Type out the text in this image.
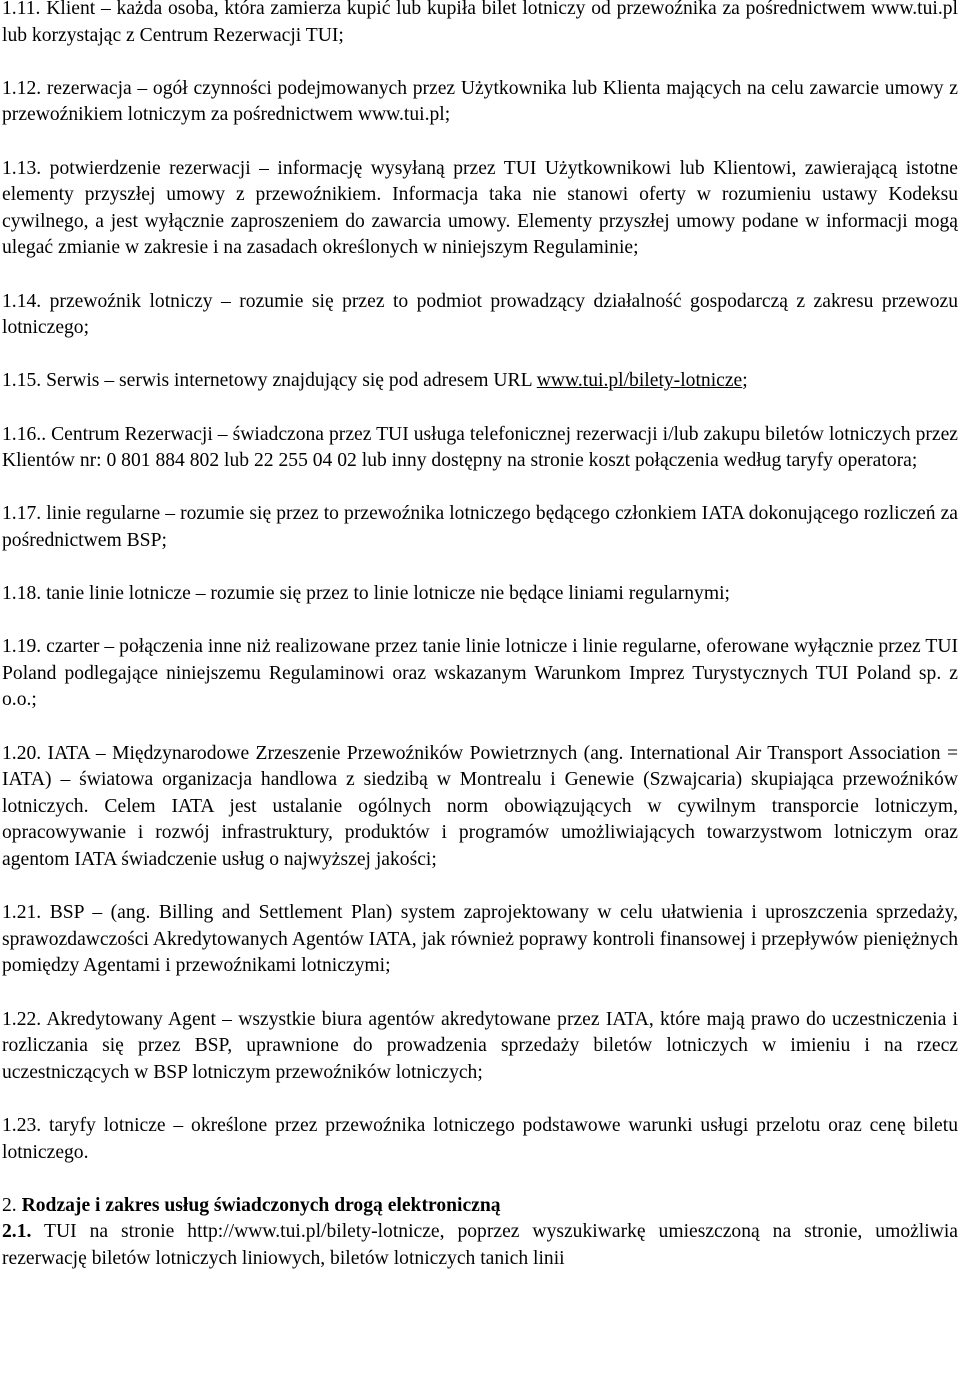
1.11. Klient – każda osoba, która zamierza kupić lub kupiła bilet lotniczy od przewoźnika za pośrednictwem www.tui.pl lub korzystając z Centrum Rezerwacji TUI;

1.12. rezerwacja – ogół czynności podejmowanych przez Użytkownika lub Klienta mających na celu zawarcie umowy z przewoźnikiem lotniczym za pośrednictwem www.tui.pl;

1.13. potwierdzenie rezerwacji – informację wysyłaną przez TUI Użytkownikowi lub Klientowi, zawierającą istotne elementy przyszłej umowy z przewoźnikiem. Informacja taka nie stanowi oferty w rozumieniu ustawy Kodeksu cywilnego, a jest wyłącznie zaproszeniem do zawarcia umowy. Elementy przyszłej umowy podane w informacji mogą ulegać zmianie w zakresie i na zasadach określonych w niniejszym Regulaminie;

1.14. przewoźnik lotniczy – rozumie się przez to podmiot prowadzący działalność gospodarczą z zakresu przewozu lotniczego;

1.15. Serwis – serwis internetowy znajdujący się pod adresem URL www.tui.pl/bilety-lotnicze;

1.16.. Centrum Rezerwacji – świadczona przez TUI usługa telefonicznej rezerwacji i/lub zakupu biletów lotniczych przez Klientów nr: 0 801 884 802 lub 22 255 04 02 lub inny dostępny na stronie koszt połączenia według taryfy operatora;

1.17. linie regularne – rozumie się przez to przewoźnika lotniczego będącego członkiem IATA dokonującego rozliczeń za pośrednictwem BSP;

1.18. tanie linie lotnicze – rozumie się przez to linie lotnicze nie będące liniami regularnymi;

1.19. czarter – połączenia inne niż realizowane przez tanie linie lotnicze i linie regularne, oferowane wyłącznie przez TUI Poland podlegające niniejszemu Regulaminowi oraz wskazanym Warunkom Imprez Turystycznych TUI Poland sp. z o.o.;

1.20. IATA – Międzynarodowe Zrzeszenie Przewoźników Powietrznych (ang. International Air Transport Association = IATA) – światowa organizacja handlowa z siedzibą w Montrealu i Genewie (Szwajcaria) skupiająca przewoźników lotniczych. Celem IATA jest ustalanie ogólnych norm obowiązujących w cywilnym transporcie lotniczym, opracowywanie i rozwój infrastruktury, produktów i programów umożliwiających towarzystwom lotniczym oraz agentom IATA świadczenie usług o najwyższej jakości;

1.21. BSP – (ang. Billing and Settlement Plan) system zaprojektowany w celu ułatwienia i uproszczenia sprzedaży, sprawozdawczości Akredytowanych Agentów IATA, jak również poprawy kontroli finansowej i przepływów pieniężnych pomiędzy Agentami i przewoźnikami lotniczymi;

1.22. Akredytowany Agent – wszystkie biura agentów akredytowane przez IATA, które mają prawo do uczestniczenia i rozliczania się przez BSP, uprawnione do prowadzenia sprzedaży biletów lotniczych w imieniu i na rzecz uczestniczących w BSP lotniczym przewoźników lotniczych;

1.23. taryfy lotnicze – określone przez przewoźnika lotniczego podstawowe warunki usługi przelotu oraz cenę biletu lotniczego.

2. Rodzaje i zakres usług świadczonych drogą elektroniczną

2.1. TUI na stronie http://www.tui.pl/bilety-lotnicze, poprzez wyszukiwarkę umieszczoną na stronie, umożliwia rezerwację biletów lotniczych liniowych, biletów lotniczych tanich linii
